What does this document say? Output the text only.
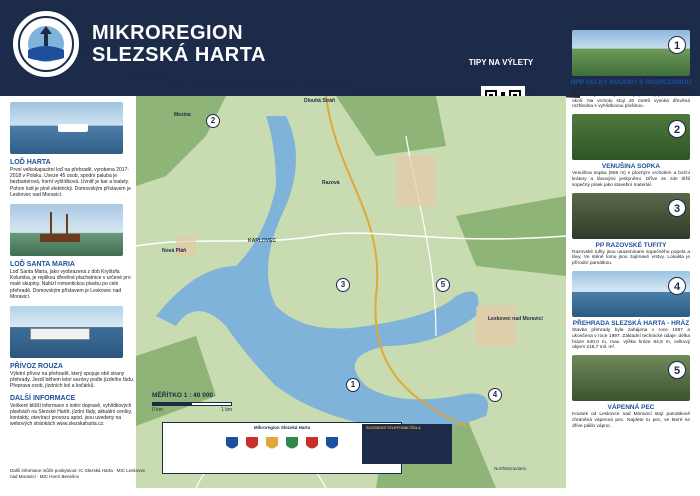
MIKROREGION
SLEZSKÁ HARTA	TIPY NA VÝLETY
LOĎ HARTA
První velkokapacitní loď na přehradě, vyrobena 2017-2018 v Polsku. Uveze 45 osob, spodní paluba je bezbariérová, horní vyhlídková. Uvnitř je bar a toalety. Pohon lodi je plně elektrický. Domovským přístavem je Leskovec nad Moravicí.
LOĎ SANTA MARIA
Loď Santa Maria, jako vyobrazená z dob Kryštofa Kolumba, je replikou dřevěné plachetnice v určené pro malé skupiny. Nabízí romantickou plavbu po celé přehradě. Domovským přístavem je Leskovec nad Moravicí.
PŘÍVOZ ROUZA
Výletní přívoz na přehradě, který spojuje obě strany přehrady. Jezdí během letní sezóny podle jízdního řádu. Přeprava osob, jízdních kol a kočárků.
DALŠÍ INFORMACE
Veškeré bližší informace o lodní dopravě, vyhlídkových plavbách na Slezské Hartě, jízdní řády, aktuální ceníky, kontakty, otevírací provozu apod. jsou uvedeny na webových stránkách www.slezskaharta.cz.
2
3	5
1
4
Mezina
Dlouhá Stráň
Razová
KARLOVEC
Nová Pláň
Leskovec nad Moravicí
MĚŘÍTKO 1 : 40 000
0 km	1 km
Mikroregion Slezská Harta	SOUSEDNÍ TELEFONNÍ ČÍSLA
NorthMoravians
Další informace může poskytnout: IC Slezská Harta · MIC Leskovec nad Moravicí · MIC Horní Benešov
1
NPP VELKÝ ROUDNÝ S ROZHLEDNOU
Národní přírodní památka Velký Roudný a rozhledna. Bývalá sopka Velký Roudný (780 m) je dominantou okolí. Na vrcholu stojí 20 metrů vysoká dřevěná rozhledna s vyhlídkovou plošinou.
2
VENUŠINA SOPKA
Venušina sopka (655 m) s plochým vrcholem a boční krátery a lávovými jeskyněmi. Dříve se zde těžil sopečný písek jako stavební materiál.
3
PP RAZOVSKÉ TUFITY
Razovské tufity jsou usazeninami sopečného popela a lávy. Ve stěně lomu jsou zajímavé vrstvy. Lokalita je přírodní památkou.
4
PŘEHRADA SLEZSKÁ HARTA - HRÁZ
Stavba přehrady byla zahájena v roce 1987 a ukončena v roce 1997. Základní technické údaje: délka hráze 540,0 m, max. výška hráze 64,8 m, celkový objem 218,7 mil. m³.
5
VÁPENNÁ PEC
Kousek od Leskovce nad Moravicí stojí památkově chráněná vápenná pec. Najdete tu pec, ve které se dříve pálilo vápno.
